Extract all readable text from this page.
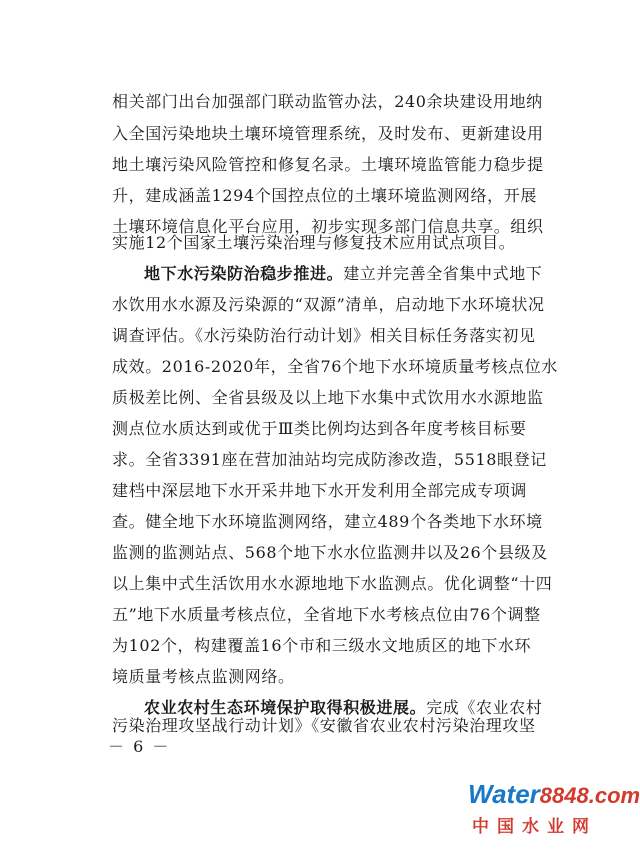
相关部门出台加强部门联动监管办法，240余块建设用地纳
入全国污染地块土壤环境管理系统，及时发布、更新建设用
地土壤污染风险管控和修复名录。土壤环境监管能力稳步提
升，建成涵盖1294个国控点位的土壤环境监测网络，开展
土壤环境信息化平台应用，初步实现多部门信息共享。组织
实施12个国家土壤污染治理与修复技术应用试点项目。
地下水污染防治稳步推进。建立并完善全省集中式地下
水饮用水水源及污染源的“双源”清单，启动地下水环境状况
调查评估。《水污染防治行动计划》相关目标任务落实初见
成效。2016-2020年，全省76个地下水环境质量考核点位水
质极差比例、全省县级及以上地下水集中式饮用水水源地监
测点位水质达到或优于Ⅲ类比例均达到各年度考核目标要
求。全省3391座在营加油站均完成防渗改造，5518眼登记
建档中深层地下水开采井地下水开发利用全部完成专项调
查。健全地下水环境监测网络，建立489个各类地下水环境
监测的监测站点、568个地下水水位监测井以及26个县级及
以上集中式生活饮用水水源地地下水监测点。优化调整“十四
五”地下水质量考核点位，全省地下水考核点位由76个调整
为102个，构建覆盖16个市和三级水文地质区的地下水环
境质量考核点监测网络。
农业农村生态环境保护取得积极进展。完成《农业农村
污染治理攻坚战行动计划》《安徽省农业农村污染治理攻坚
－ 6 －
Water8848.com
中国水业网
